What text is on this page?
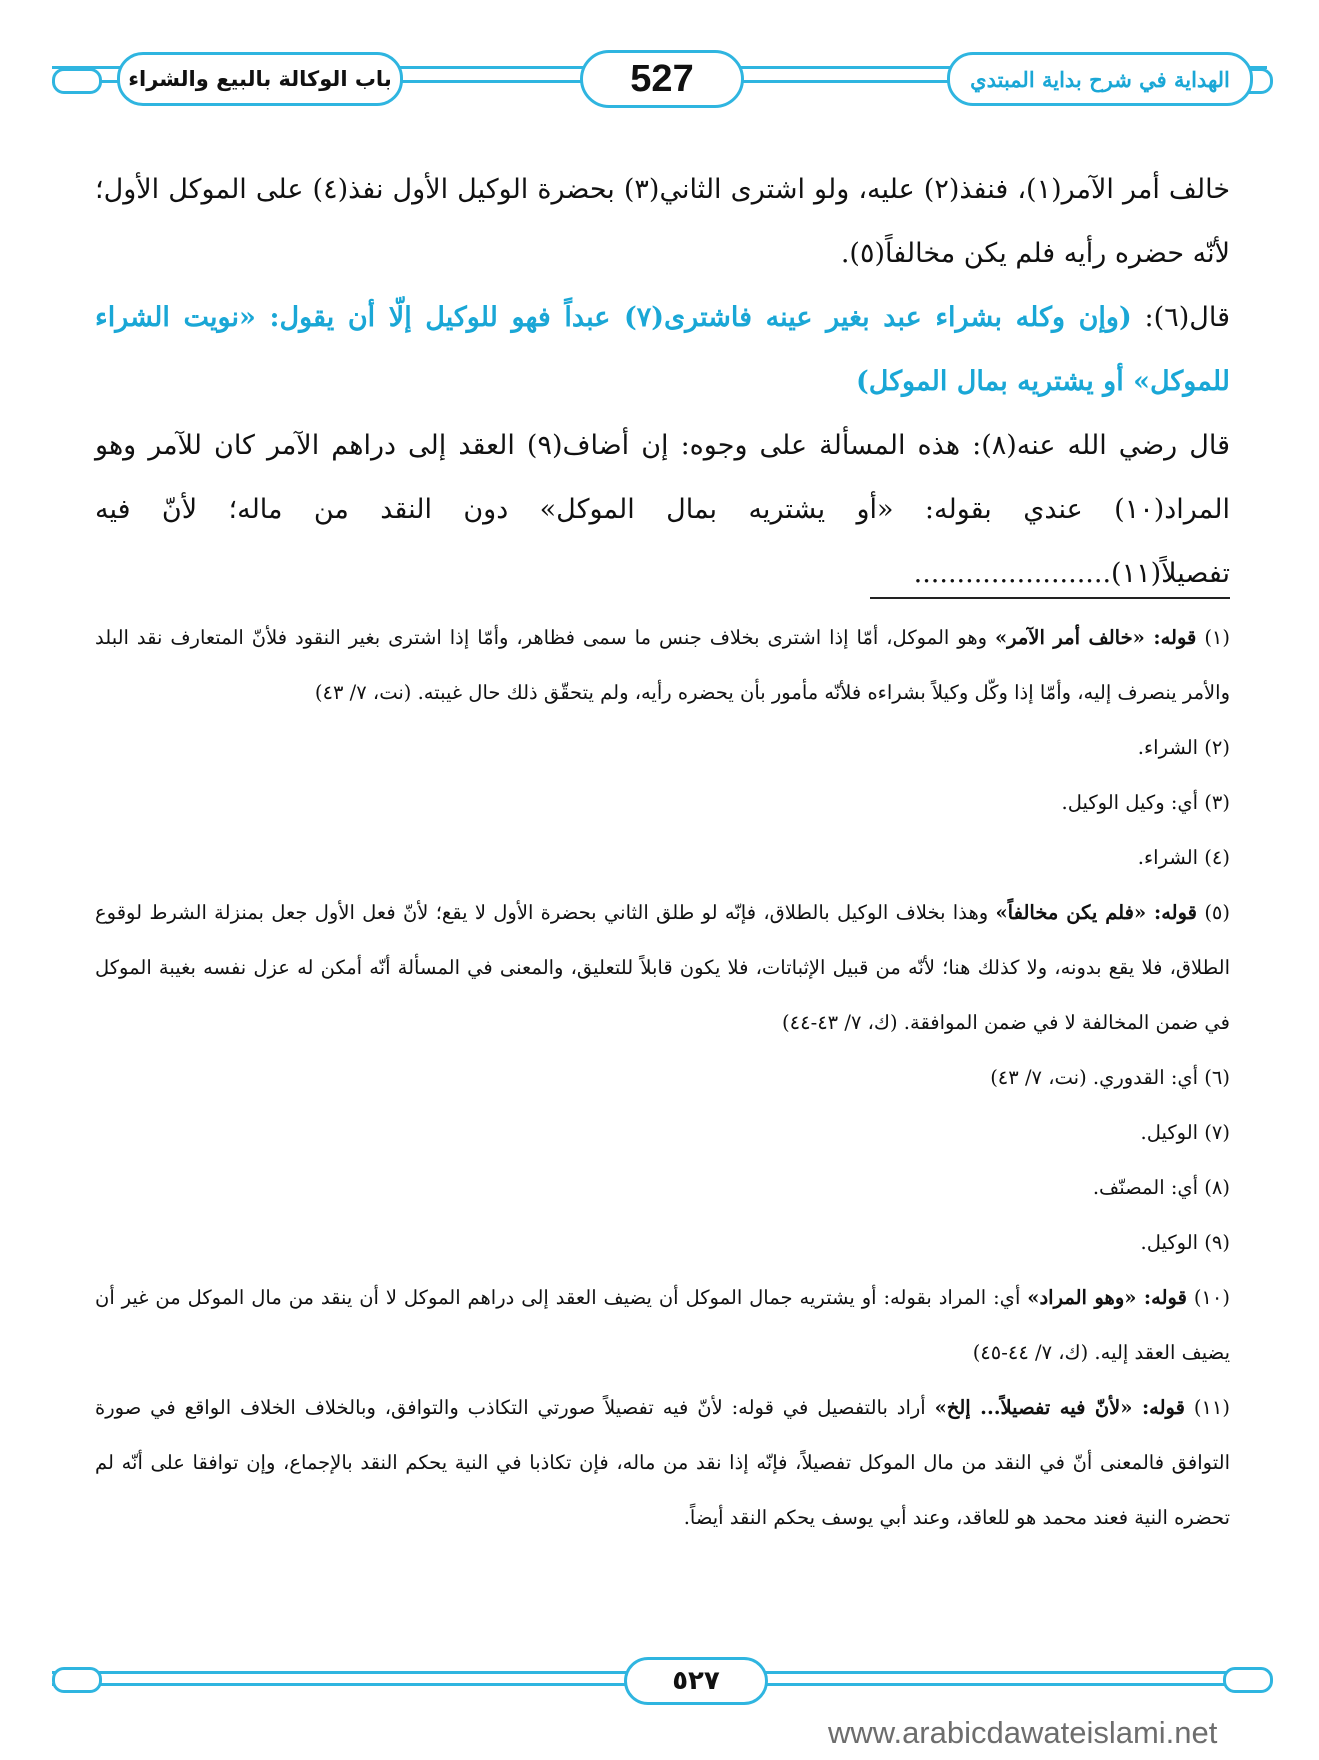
باب الوكالة بالبيع والشراء	527	الهداية في شرح بداية المبتدي

خالف أمر الآمر(١)، فنفذ(٢) عليه، ولو اشترى الثاني(٣) بحضرة الوكيل الأول نفذ(٤) على الموكل الأول؛ لأنّه حضره رأيه فلم يكن مخالفاً(٥).

قال(٦): (وإن وكله بشراء عبد بغير عينه فاشترى(٧) عبداً فهو للوكيل إلّا أن يقول: «نويت الشراء للموكل» أو يشتريه بمال الموكل)

قال رضي الله عنه(٨): هذه المسألة على وجوه: إن أضاف(٩) العقد إلى دراهم الآمر كان للآمر وهو المراد(١٠) عندي بقوله: «أو يشتريه بمال الموكل» دون النقد من ماله؛ لأنّ فيه تفصيلاً(١١).......................

(١) قوله: «خالف أمر الآمر» وهو الموكل، أمّا إذا اشترى بخلاف جنس ما سمى فظاهر، وأمّا إذا اشترى بغير النقود فلأنّ المتعارف نقد البلد والأمر ينصرف إليه، وأمّا إذا وكّل وكيلاً بشراءه فلأنّه مأمور بأن يحضره رأيه، ولم يتحقّق ذلك حال غيبته. (نت، ٧/ ٤٣)

(٢) الشراء.

(٣) أي: وكيل الوكيل.

(٤) الشراء.

(٥) قوله: «فلم يكن مخالفاً» وهذا بخلاف الوكيل بالطلاق، فإنّه لو طلق الثاني بحضرة الأول لا يقع؛ لأنّ فعل الأول جعل بمنزلة الشرط لوقوع الطلاق، فلا يقع بدونه، ولا كذلك هنا؛ لأنّه من قبيل الإثباتات، فلا يكون قابلاً للتعليق، والمعنى في المسألة أنّه أمكن له عزل نفسه بغيبة الموكل في ضمن المخالفة لا في ضمن الموافقة. (ك، ٧/ ٤٣-٤٤)

(٦) أي: القدوري. (نت، ٧/ ٤٣)

(٧) الوكيل.

(٨) أي: المصنّف.

(٩) الوكيل.

(١٠) قوله: «وهو المراد» أي: المراد بقوله: أو يشتريه جمال الموكل أن يضيف العقد إلى دراهم الموكل لا أن ينقد من مال الموكل من غير أن يضيف العقد إليه. (ك، ٧/ ٤٤-٤٥)

(١١) قوله: «لأنّ فيه تفصيلاً... إلخ» أراد بالتفصيل في قوله: لأنّ فيه تفصيلاً صورتي التكاذب والتوافق، وبالخلاف الخلاف الواقع في صورة التوافق فالمعنى أنّ في النقد من مال الموكل تفصيلاً، فإنّه إذا نقد من ماله، فإن تكاذبا في النية يحكم النقد بالإجماع، وإن توافقا على أنّه لم تحضره النية فعند محمد هو للعاقد، وعند أبي يوسف يحكم النقد أيضاً.

٥٢٧
www.arabicdawateislami.net
